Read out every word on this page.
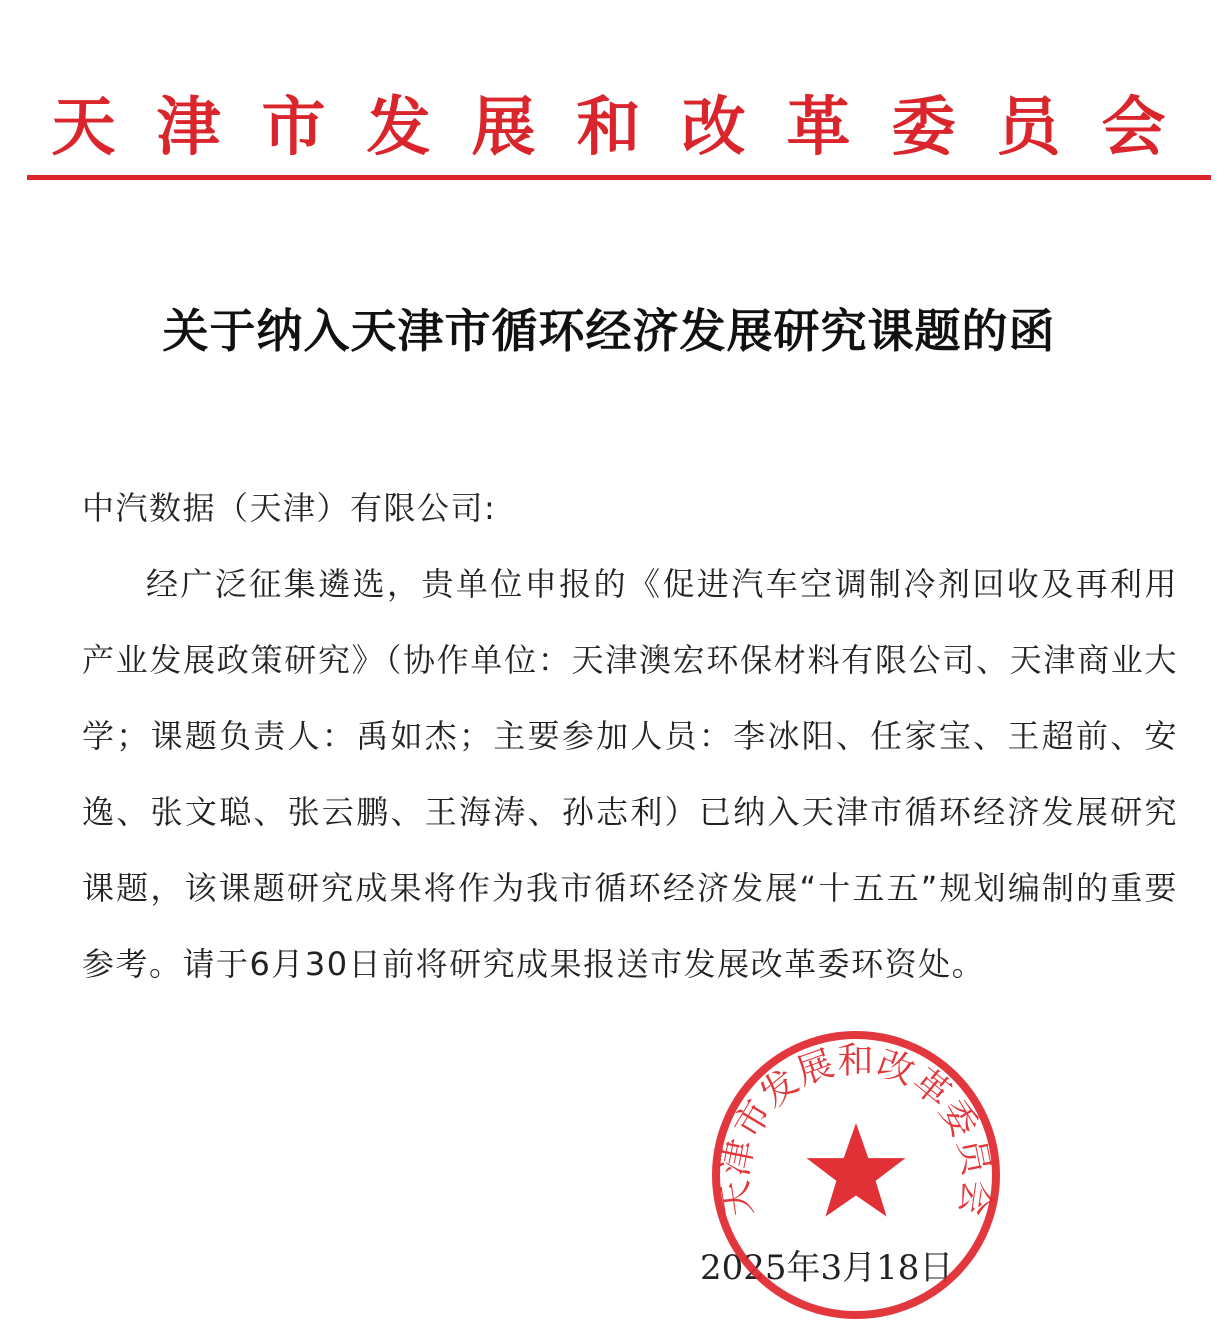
天津市发展和改革委员会
关于纳入天津市循环经济发展研究课题的函

中汽数据（天津）有限公司:

经广泛征集遴选，贵单位申报的《促进汽车空调制冷剂回收及再利用产业发展政策研究》（协作单位：天津澳宏环保材料有限公司、天津商业大学；课题负责人：禹如杰；主要参加人员：李冰阳、任家宝、王超前、安逸、张文聪、张云鹏、王海涛、孙志利）已纳入天津市循环经济发展研究课题，该课题研究成果将作为我市循环经济发展“十五五”规划编制的重要参考。请于6月30日前将研究成果报送市发展改革委环资处。

2025年3月18日
天津市发展和改革委员会
